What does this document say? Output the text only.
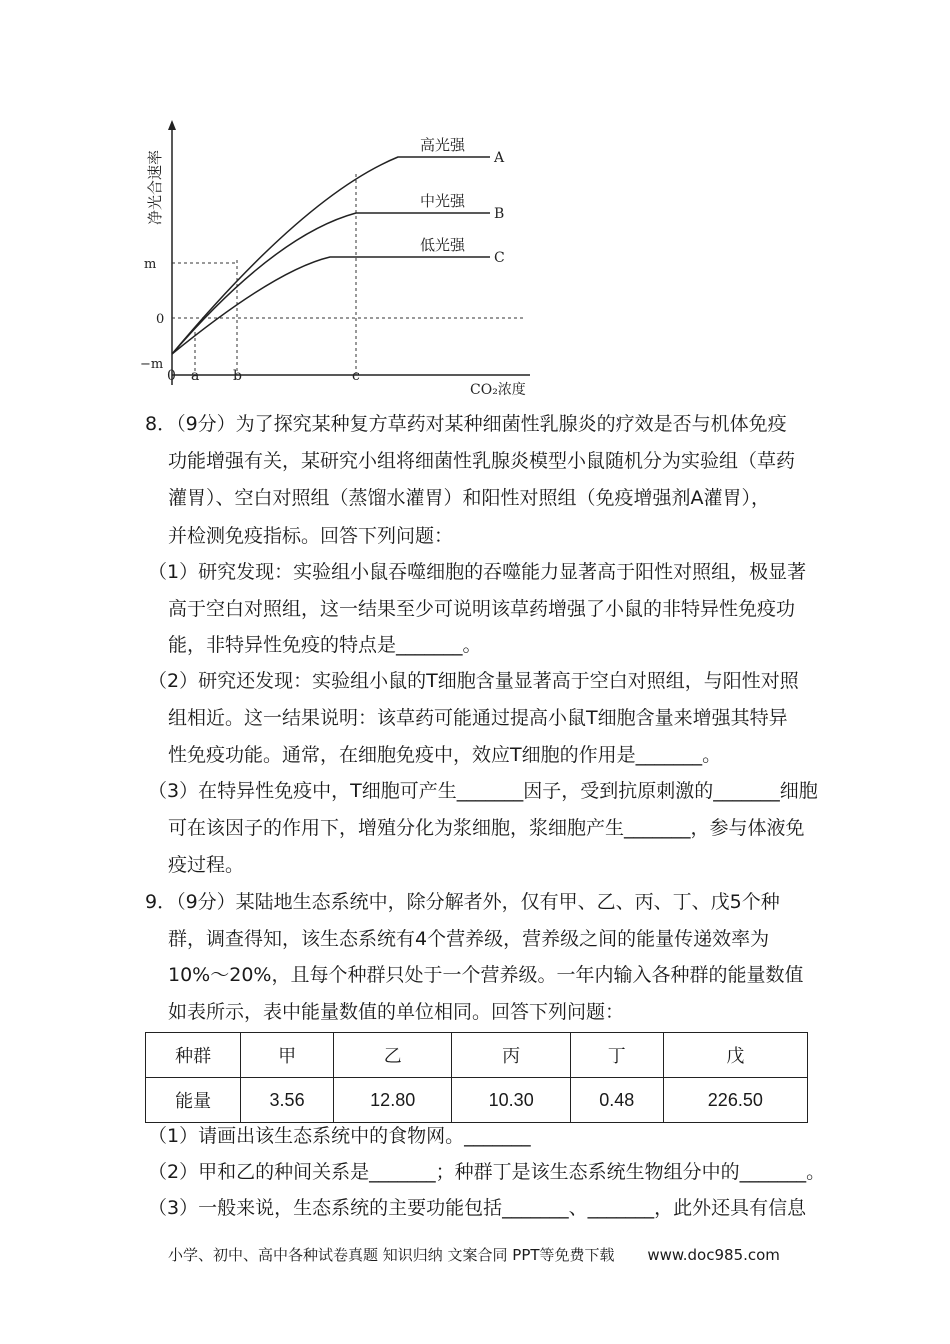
高光强
中光强
低光强
A
B
C
m
0
−m
0 a b	c
CO₂浓度
净光合速率
8．（9分）为了探究某种复方草药对某种细菌性乳腺炎的疗效是否与机体免疫
功能增强有关，某研究小组将细菌性乳腺炎模型小鼠随机分为实验组（草药
灌胃）、空白对照组（蒸馏水灌胃）和阳性对照组（免疫增强剂A灌胃），
并检测免疫指标。回答下列问题：
（1）研究发现：实验组小鼠吞噬细胞的吞噬能力显著高于阳性对照组，极显著
高于空白对照组，这一结果至少可说明该草药增强了小鼠的非特异性免疫功
能，非特异性免疫的特点是_______。
（2）研究还发现：实验组小鼠的T细胞含量显著高于空白对照组，与阳性对照
组相近。这一结果说明：该草药可能通过提高小鼠T细胞含量来增强其特异
性免疫功能。通常，在细胞免疫中，效应T细胞的作用是_______。
（3）在特异性免疫中，T细胞可产生_______因子，受到抗原刺激的_______细胞
可在该因子的作用下，增殖分化为浆细胞，浆细胞产生_______，参与体液免
疫过程。
9．（9分）某陆地生态系统中，除分解者外，仅有甲、乙、丙、丁、戊5个种
群，调查得知，该生态系统有4个营养级，营养级之间的能量传递效率为
10%～20%，且每个种群只处于一个营养级。一年内输入各种群的能量数值
如表所示，表中能量数值的单位相同。回答下列问题：
种群	甲	乙	丙	丁	戊
能量	3.56	12.80	10.30	0.48	226.50
（1）请画出该生态系统中的食物网。_______
（2）甲和乙的种间关系是_______；种群丁是该生态系统生物组分中的_______。
（3）一般来说，生态系统的主要功能包括_______、_______，此外还具有信息
小学、初中、高中各种试卷真题 知识归纳 文案合同 PPT等免费下载 www.doc985.com
